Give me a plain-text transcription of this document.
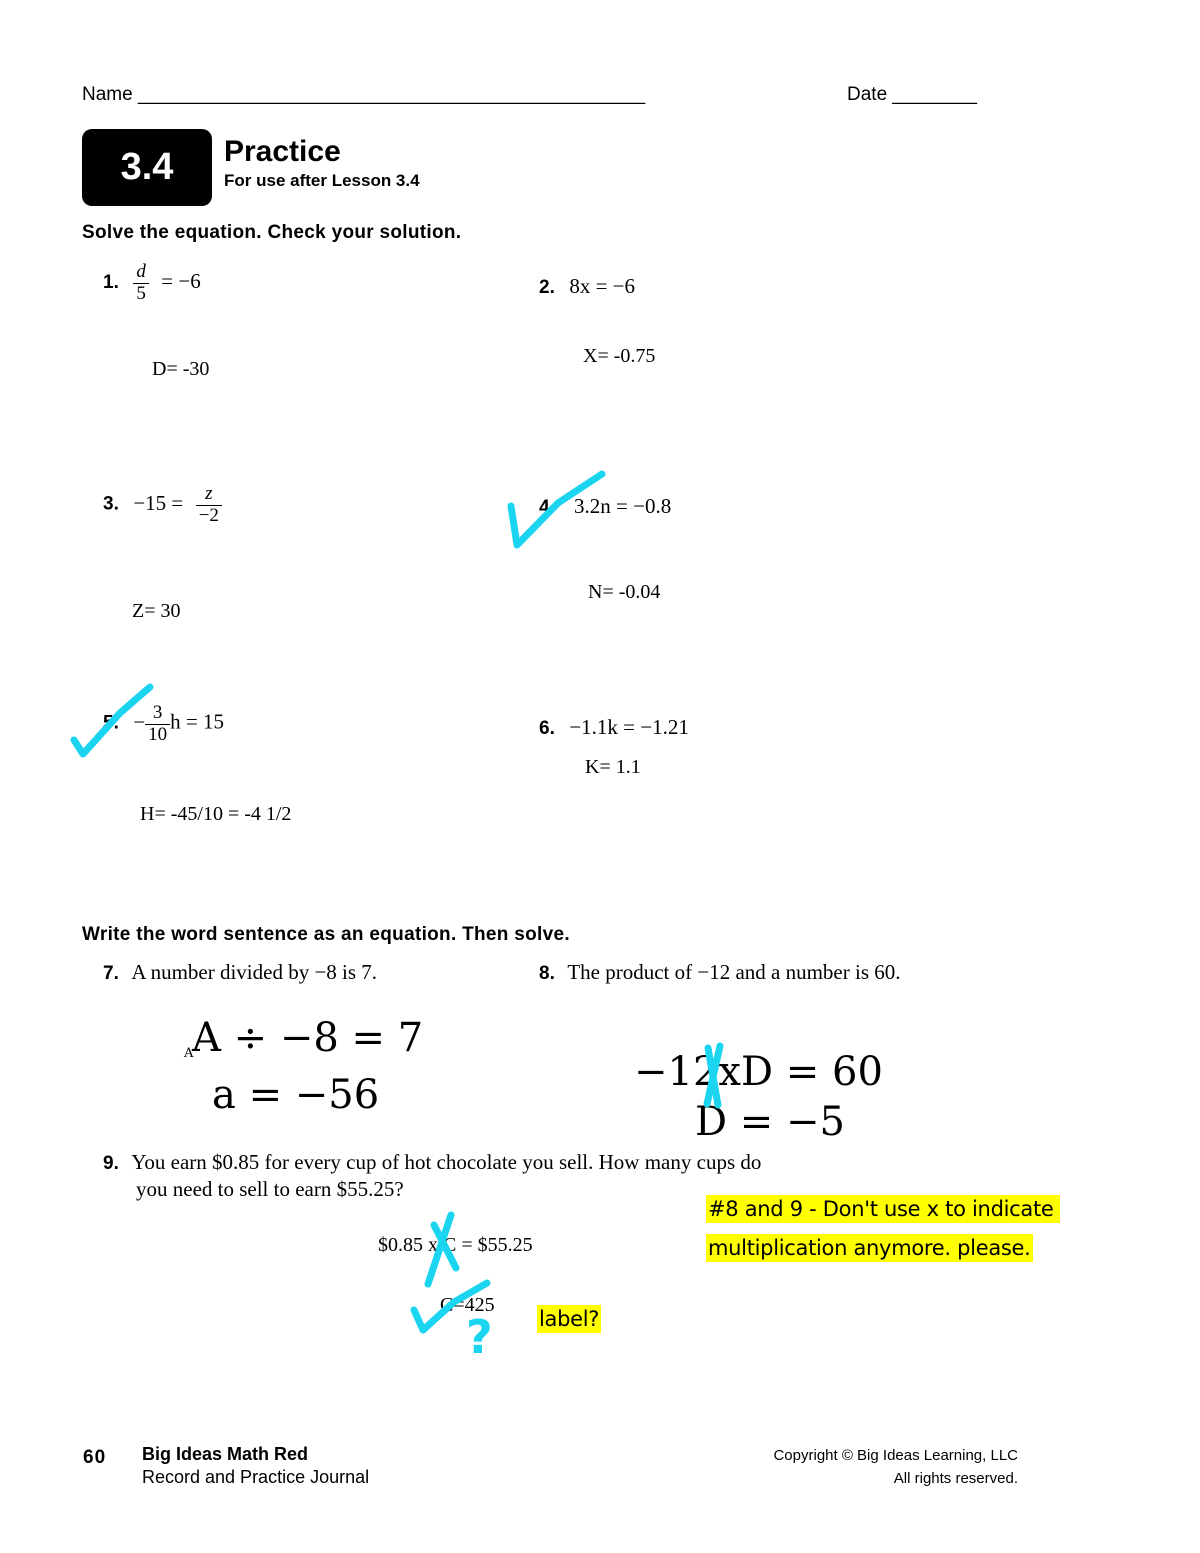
Name ________________________________________________	Date ________
3.4	Practice
For use after Lesson 3.4
Solve the equation. Check your solution.
1. $\frac{d}{5} = -6$
D= -30
2. 8x = −6
X= -0.75
3. $-15 = \frac{z}{-2}$
Z= 30
4 3.2n = −0.8
N= -0.04
5. − $\frac{3}{10}$ h = 15
H= -45/10 = -4 1/2
6. −1.1k = −1.21
K= 1.1
Write the word sentence as an equation. Then solve.
7. A number divided by −8 is 7.	8. The product of −12 and a number is 60.
A
A ÷ −8 = 7
a = −56	−12xD = 60
D = −5
9. You earn $0.85 for every cup of hot chocolate you sell. How many cups do
you need to sell to earn $55.25?
$0.85 x C = $55.25
C=425
#8 and 9 - Don't use x to indicate
multiplication anymore. please.
label?
?
60 Big Ideas Math Red
Record and Practice Journal
Copyright © Big Ideas Learning, LLC
All rights reserved.
